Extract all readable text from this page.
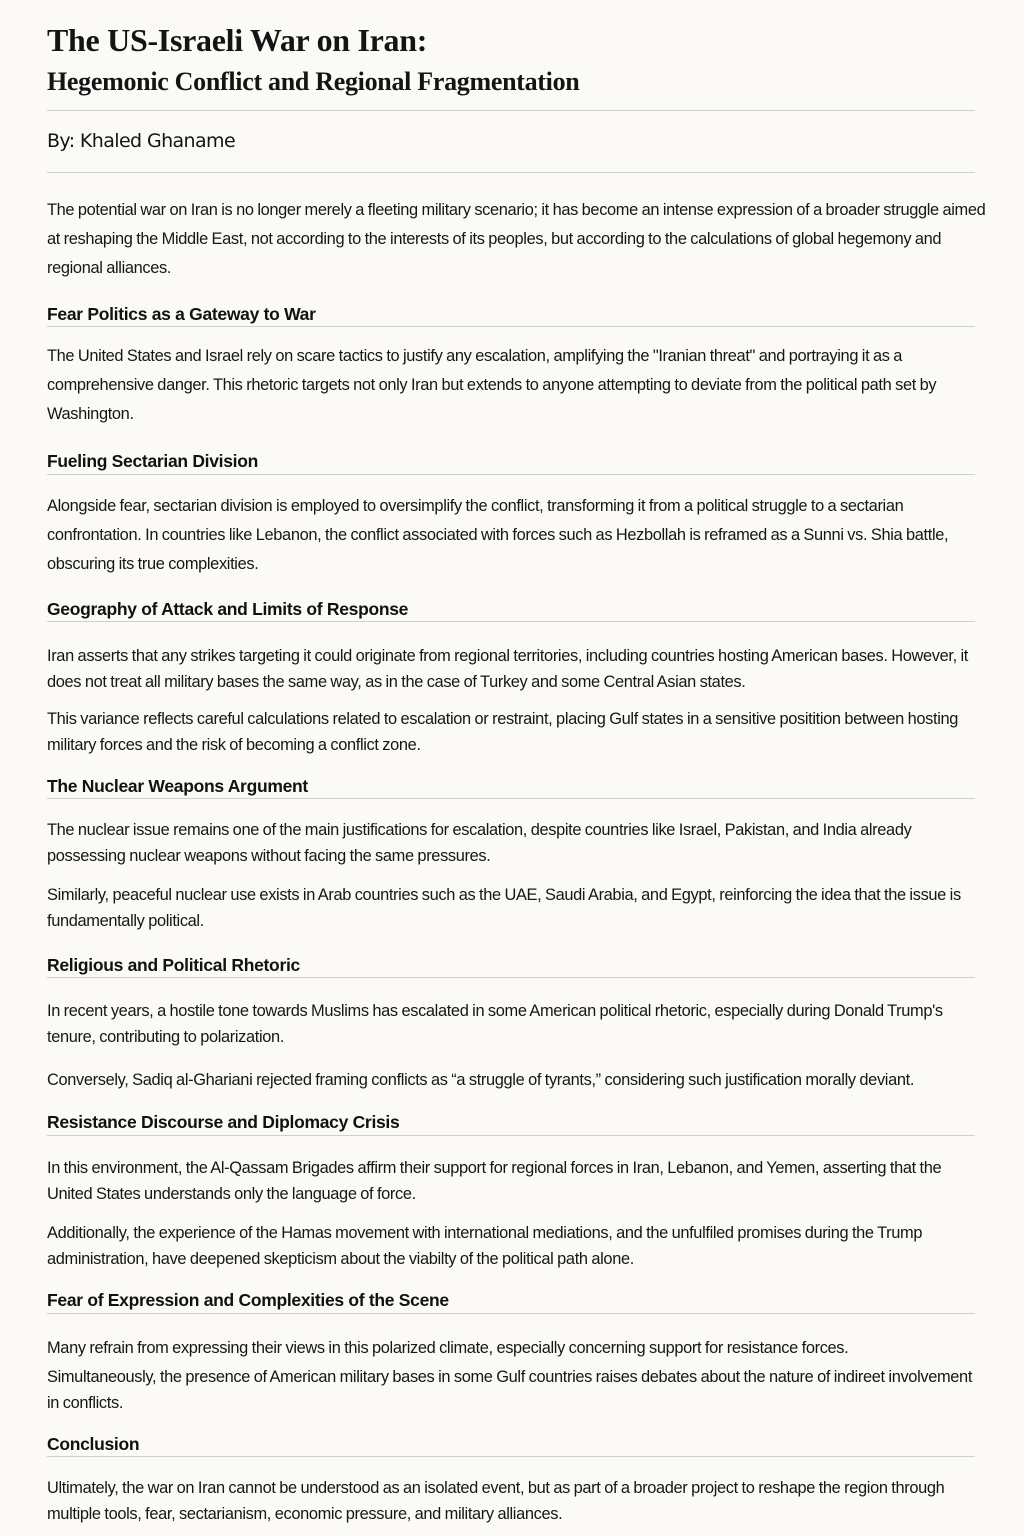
The US-Israeli War on Iran:
Hegemonic Conflict and Regional Fragmentation
By: Khaled Ghaname

The potential war on Iran is no longer merely a fleeting military scenario; it has become an intense expression of a broader struggle aimed at reshaping the Middle East, not according to the interests of its peoples, but according to the calculations of global hegemony and regional alliances.

Fear Politics as a Gateway to War

The United States and Israel rely on scare tactics to justify any escalation, amplifying the "Iranian threat" and portraying it as a comprehensive danger. This rhetoric targets not only Iran but extends to anyone attempting to deviate from the political path set by Washington.

Fueling Sectarian Division

Alongside fear, sectarian division is employed to oversimplify the conflict, transforming it from a political struggle to a sectarian confrontation. In countries like Lebanon, the conflict associated with forces such as Hezbollah is reframed as a Sunni vs. Shia battle, obscuring its true complexities.

Geography of Attack and Limits of Response

Iran asserts that any strikes targeting it could originate from regional territories, including countries hosting American bases. However, it does not treat all military bases the same way, as in the case of Turkey and some Central Asian states.

This variance reflects careful calculations related to escalation or restraint, placing Gulf states in a sensitive positition between hosting military forces and the risk of becoming a conflict zone.

The Nuclear Weapons Argument

The nuclear issue remains one of the main justifications for escalation, despite countries like Israel, Pakistan, and India already possessing nuclear weapons without facing the same pressures.

Similarly, peaceful nuclear use exists in Arab countries such as the UAE, Saudi Arabia, and Egypt, reinforcing the idea that the issue is fundamentally political.

Religious and Political Rhetoric

In recent years, a hostile tone towards Muslims has escalated in some American political rhetoric, especially during Donald Trump's tenure, contributing to polarization.

Conversely, Sadiq al-Ghariani rejected framing conflicts as “a struggle of tyrants,” considering such justification morally deviant.

Resistance Discourse and Diplomacy Crisis

In this environment, the Al-Qassam Brigades affirm their support for regional forces in Iran, Lebanon, and Yemen, asserting that the United States understands only the language of force.

Additionally, the experience of the Hamas movement with international mediations, and the unfulfiled promises during the Trump administration, have deepened skepticism about the viabilty of the political path alone.

Fear of Expression and Complexities of the Scene

Many refrain from expressing their views in this polarized climate, especially concerning support for resistance forces.

Simultaneously, the presence of American military bases in some Gulf countries raises debates about the nature of indireet involvement in conflicts.

Conclusion

Ultimately, the war on Iran cannot be understood as an isolated event, but as part of a broader project to reshape the region through multiple tools, fear, sectarianism, economic pressure, and military alliances.
